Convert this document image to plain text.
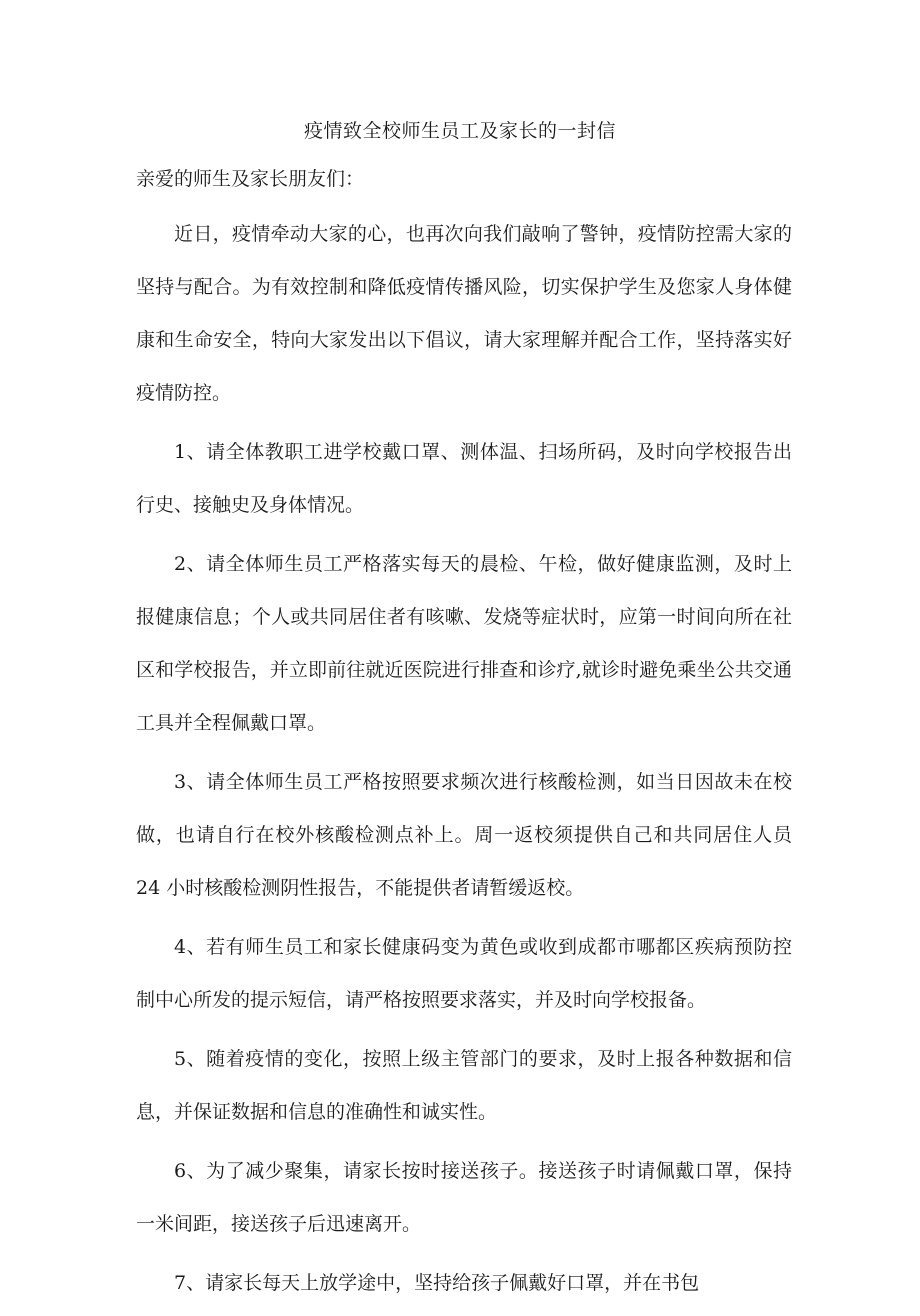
疫情致全校师生员工及家长的一封信

亲爱的师生及家长朋友们：

近日，疫情牵动大家的心，也再次向我们敲响了警钟，疫情防控需大家的坚持与配合。为有效控制和降低疫情传播风险，切实保护学生及您家人身体健康和生命安全，特向大家发出以下倡议，请大家理解并配合工作，坚持落实好疫情防控。

1、请全体教职工进学校戴口罩、测体温、扫场所码，及时向学校报告出行史、接触史及身体情况。

2、请全体师生员工严格落实每天的晨检、午检，做好健康监测，及时上报健康信息；个人或共同居住者有咳嗽、发烧等症状时，应第一时间向所在社区和学校报告，并立即前往就近医院进行排查和诊疗,就诊时避免乘坐公共交通工具并全程佩戴口罩。

3、请全体师生员工严格按照要求频次进行核酸检测，如当日因故未在校做，也请自行在校外核酸检测点补上。周一返校须提供自己和共同居住人员 24 小时核酸检测阴性报告，不能提供者请暂缓返校。

4、若有师生员工和家长健康码变为黄色或收到成都市哪都区疾病预防控制中心所发的提示短信，请严格按照要求落实，并及时向学校报备。

5、随着疫情的变化，按照上级主管部门的要求，及时上报各种数据和信息，并保证数据和信息的准确性和诚实性。

6、为了减少聚集，请家长按时接送孩子。接送孩子时请佩戴口罩，保持一米间距，接送孩子后迅速离开。

7、请家长每天上放学途中，坚持给孩子佩戴好口罩，并在书包
